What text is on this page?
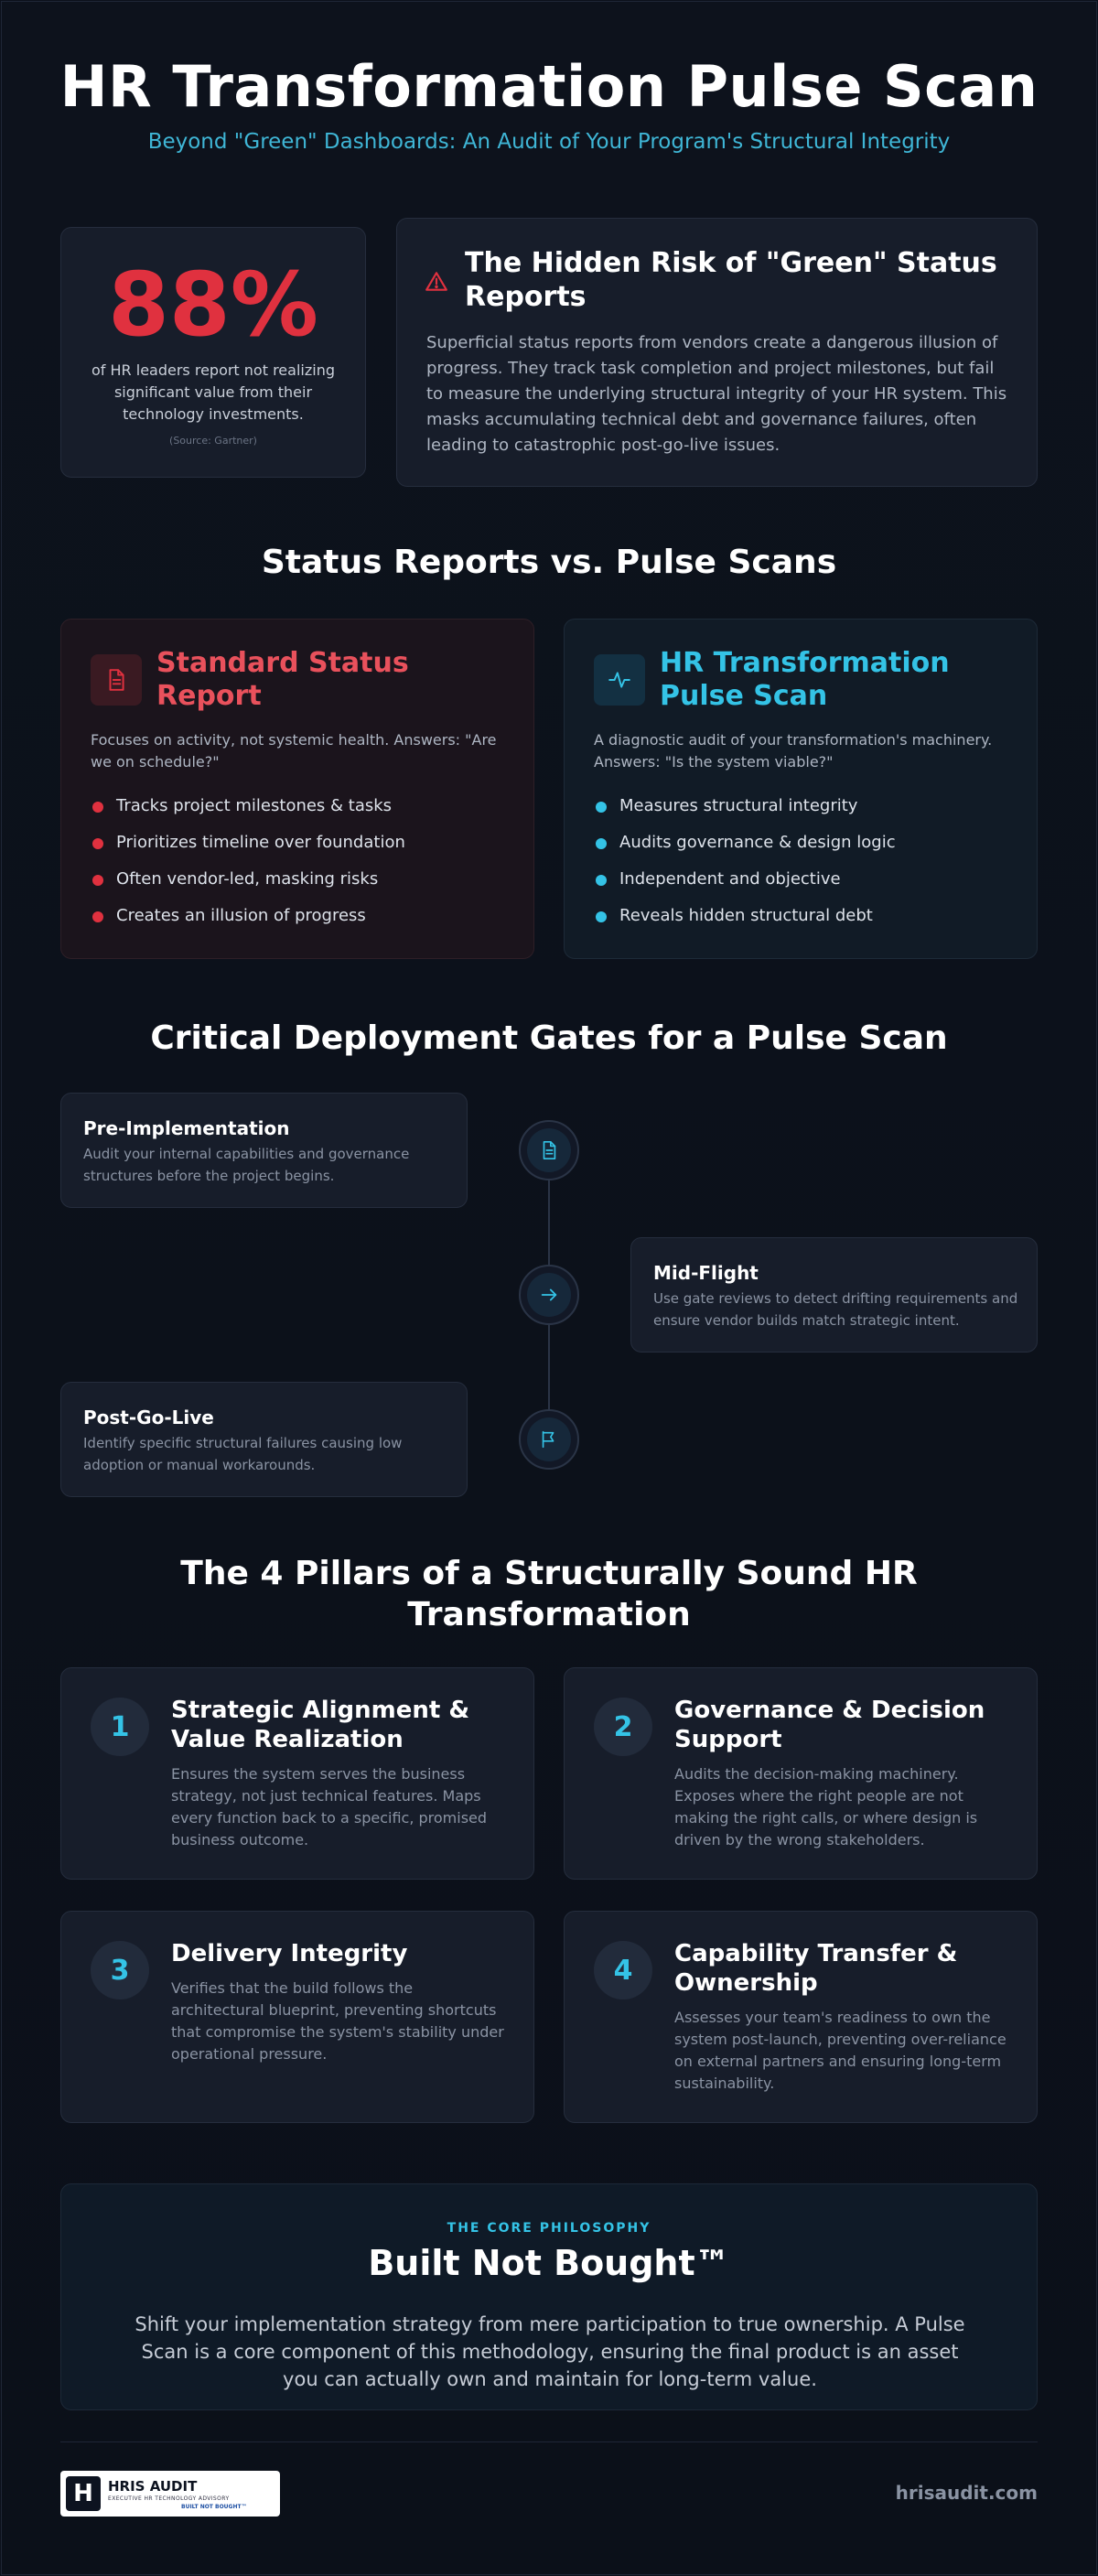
HR Transformation Pulse Scan
Beyond "Green" Dashboards: An Audit of Your Program's Structural Integrity
88%
of HR leaders report not realizing significant value from their technology investments.
(Source: Gartner)
The Hidden Risk of "Green" Status Reports
Superficial status reports from vendors create a dangerous illusion of progress. They track task completion and project milestones, but fail to measure the underlying structural integrity of your HR system. This masks accumulating technical debt and governance failures, often leading to catastrophic post-go-live issues.
Status Reports vs. Pulse Scans
Standard Status Report
Focuses on activity, not systemic health. Answers: "Are we on schedule?"
Tracks project milestones & tasks
Prioritizes timeline over foundation
Often vendor-led, masking risks
Creates an illusion of progress
HR Transformation Pulse Scan
A diagnostic audit of your transformation's machinery. Answers: "Is the system viable?"
Measures structural integrity
Audits governance & design logic
Independent and objective
Reveals hidden structural debt
Critical Deployment Gates for a Pulse Scan
Pre-Implementation
Audit your internal capabilities and governance structures before the project begins.
Mid-Flight
Use gate reviews to detect drifting requirements and ensure vendor builds match strategic intent.
Post-Go-Live
Identify specific structural failures causing low adoption or manual workarounds.
The 4 Pillars of a Structurally Sound HR Transformation
1
Strategic Alignment & Value Realization
Ensures the system serves the business strategy, not just technical features. Maps every function back to a specific, promised business outcome.
2
Governance & Decision Support
Audits the decision-making machinery. Exposes where the right people are not making the right calls, or where design is driven by the wrong stakeholders.
3
Delivery Integrity
Verifies that the build follows the architectural blueprint, preventing shortcuts that compromise the system's stability under operational pressure.
4
Capability Transfer & Ownership
Assesses your team's readiness to own the system post-launch, preventing over-reliance on external partners and ensuring long-term sustainability.
THE CORE PHILOSOPHY
Built Not Bought™
Shift your implementation strategy from mere participation to true ownership. A Pulse Scan is a core component of this methodology, ensuring the final product is an asset you can actually own and maintain for long-term value.
H	HRIS AUDIT
EXECUTIVE HR TECHNOLOGY ADVISORY
BUILT NOT BOUGHT™
hrisaudit.com
